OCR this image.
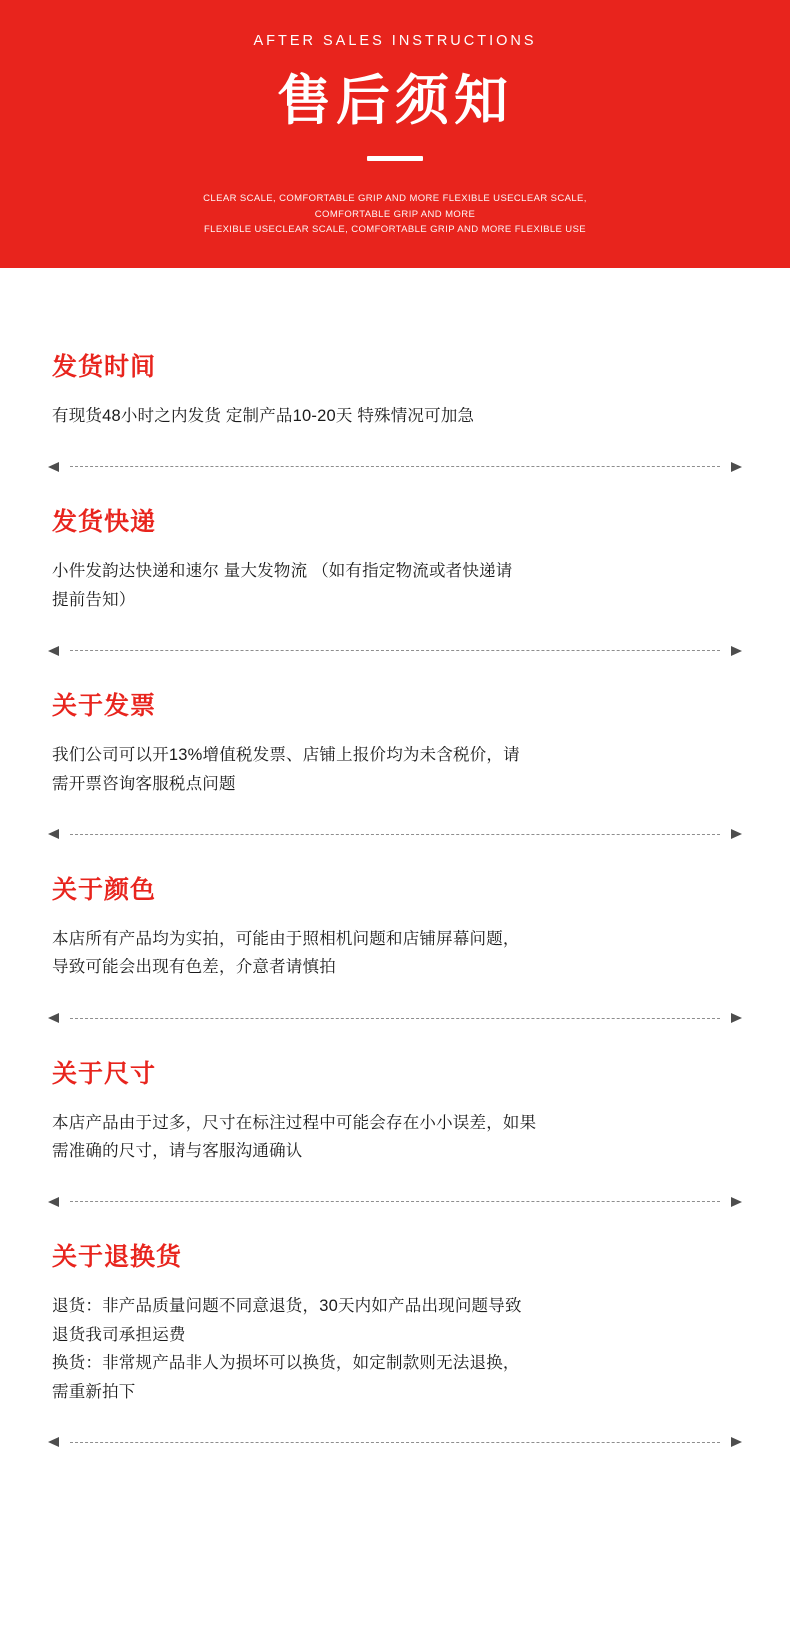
AFTER SALES INSTRUCTIONS
售后须知
CLEAR SCALE, COMFORTABLE GRIP AND MORE FLEXIBLE USECLEAR SCALE, COMFORTABLE GRIP AND MORE
FLEXIBLE USECLEAR SCALE, COMFORTABLE GRIP AND MORE FLEXIBLE USE
发货时间
有现货48小时之内发货 定制产品10-20天 特殊情况可加急
发货快递
小件发韵达快递和速尔 量大发物流 （如有指定物流或者快递请
提前告知）
关于发票
我们公司可以开13%增值税发票、店铺上报价均为未含税价，请
需开票咨询客服税点问题
关于颜色
本店所有产品均为实拍，可能由于照相机问题和店铺屏幕问题，
导致可能会出现有色差，介意者请慎拍
关于尺寸
本店产品由于过多，尺寸在标注过程中可能会存在小小误差，如果
需准确的尺寸，请与客服沟通确认
关于退换货
退货：非产品质量问题不同意退货，30天内如产品出现问题导致
退货我司承担运费
换货：非常规产品非人为损坏可以换货，如定制款则无法退换，
需重新拍下
